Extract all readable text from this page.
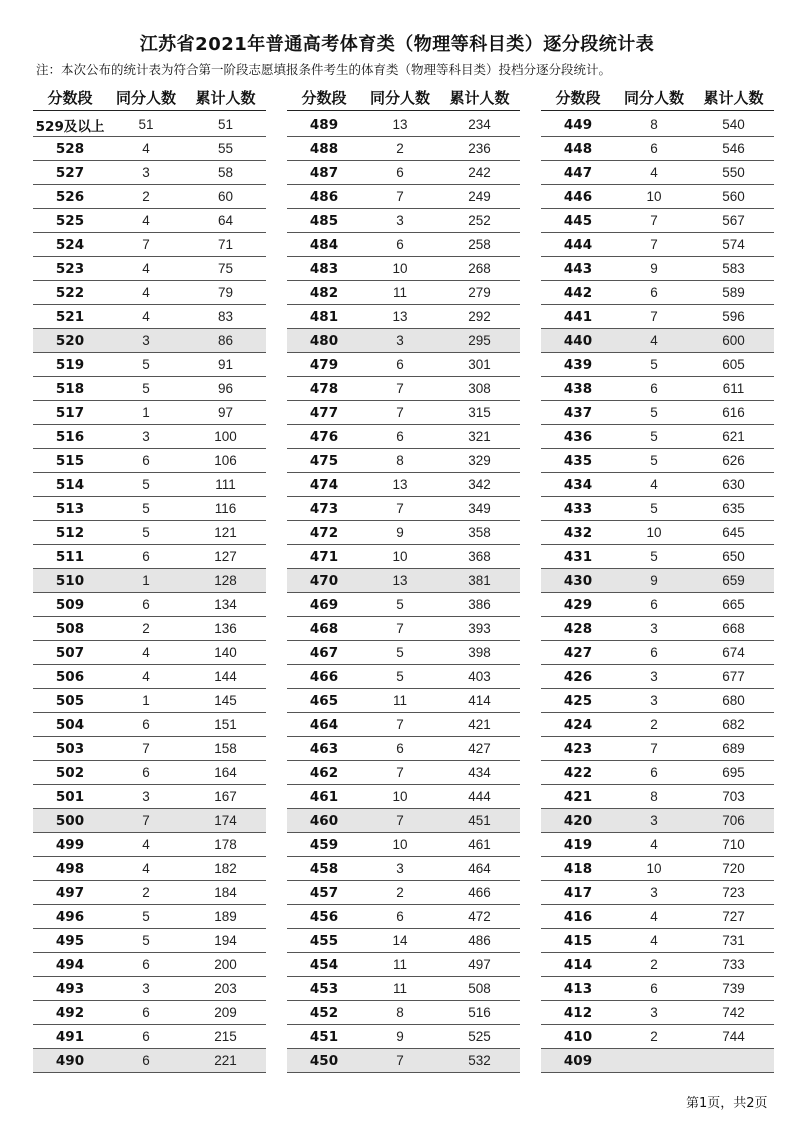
江苏省2021年普通高考体育类（物理等科目类）逐分段统计表
注：本次公布的统计表为符合第一阶段志愿填报条件考生的体育类（物理等科目类）投档分逐分段统计。
分数段	同分人数	累计人数
529及以上	51	51
528	4	55
527	3	58
526	2	60
525	4	64
524	7	71
523	4	75
522	4	79
521	4	83
520	3	86
519	5	91
518	5	96
517	1	97
516	3	100
515	6	106
514	5	111
513	5	116
512	5	121
511	6	127
510	1	128
509	6	134
508	2	136
507	4	140
506	4	144
505	1	145
504	6	151
503	7	158
502	6	164
501	3	167
500	7	174
499	4	178
498	4	182
497	2	184
496	5	189
495	5	194
494	6	200
493	3	203
492	6	209
491	6	215
490	6	221
分数段	同分人数	累计人数
489	13	234
488	2	236
487	6	242
486	7	249
485	3	252
484	6	258
483	10	268
482	11	279
481	13	292
480	3	295
479	6	301
478	7	308
477	7	315
476	6	321
475	8	329
474	13	342
473	7	349
472	9	358
471	10	368
470	13	381
469	5	386
468	7	393
467	5	398
466	5	403
465	11	414
464	7	421
463	6	427
462	7	434
461	10	444
460	7	451
459	10	461
458	3	464
457	2	466
456	6	472
455	14	486
454	11	497
453	11	508
452	8	516
451	9	525
450	7	532
分数段	同分人数	累计人数
449	8	540
448	6	546
447	4	550
446	10	560
445	7	567
444	7	574
443	9	583
442	6	589
441	7	596
440	4	600
439	5	605
438	6	611
437	5	616
436	5	621
435	5	626
434	4	630
433	5	635
432	10	645
431	5	650
430	9	659
429	6	665
428	3	668
427	6	674
426	3	677
425	3	680
424	2	682
423	7	689
422	6	695
421	8	703
420	3	706
419	4	710
418	10	720
417	3	723
416	4	727
415	4	731
414	2	733
413	6	739
412	3	742
410	2	744
409
第1页，共2页
